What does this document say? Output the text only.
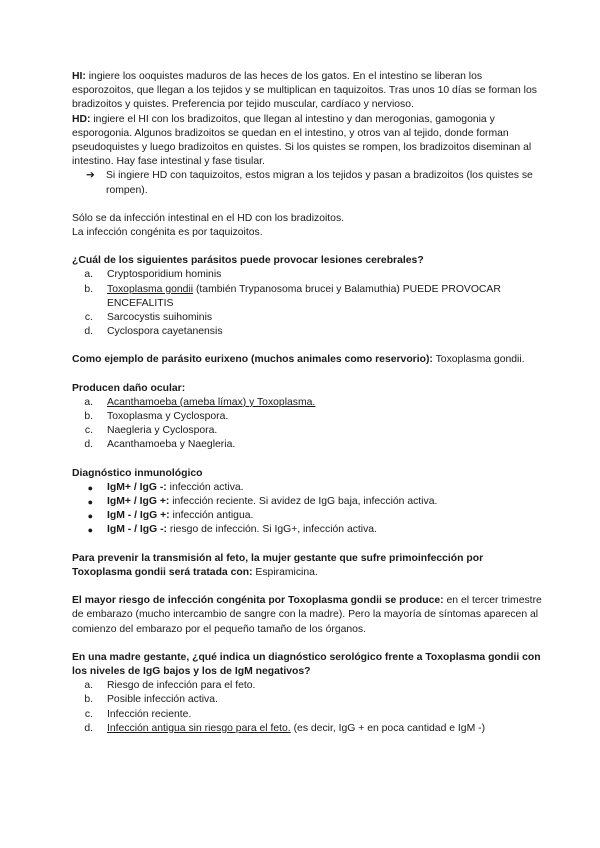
HI: ingiere los ooquistes maduros de las heces de los gatos. En el intestino se liberan los esporozoitos, que llegan a los tejidos y se multiplican en taquizoitos. Tras unos 10 días se forman los bradizoitos y quistes. Preferencia por tejido muscular, cardíaco y nervioso.

HD: ingiere el HI con los bradizoitos, que llegan al intestino y dan merogonias, gamogonia y esporogonia. Algunos bradizoitos se quedan en el intestino, y otros van al tejido, donde forman pseudoquistes y luego bradizoitos en quistes. Si los quistes se rompen, los bradizoitos diseminan al intestino. Hay fase intestinal y fase tisular.

➔	Si ingiere HD con taquizoitos, estos migran a los tejidos y pasan a bradizoitos (los quistes se rompen).

Sólo se da infección intestinal en el HD con los bradizoitos.

La infección congénita es por taquizoitos.

¿Cuál de los siguientes parásitos puede provocar lesiones cerebrales?

a.	Cryptosporidium hominis
b.	Toxoplasma gondii (también Trypanosoma brucei y Balamuthia) PUEDE PROVOCAR ENCEFALITIS
c.	Sarcocystis suihominis
d.	Cyclospora cayetanensis

Como ejemplo de parásito eurixeno (muchos animales como reservorio): Toxoplasma gondii.

Producen daño ocular:

a.	Acanthamoeba (ameba límax) y Toxoplasma.
b.	Toxoplasma y Cyclospora.
c.	Naegleria y Cyclospora.
d.	Acanthamoeba y Naegleria.

Diagnóstico inmunológico

●	IgM+ / IgG -: infección activa.
●	IgM+ / IgG +: infección reciente. Si avidez de IgG baja, infección activa.
●	IgM - / IgG +: infección antigua.
●	IgM - / IgG -: riesgo de infección. Si IgG+, infección activa.

Para prevenir la transmisión al feto, la mujer gestante que sufre primoinfección por Toxoplasma gondii será tratada con: Espiramicina.

El mayor riesgo de infección congénita por Toxoplasma gondii se produce: en el tercer trimestre de embarazo (mucho intercambio de sangre con la madre). Pero la mayoría de síntomas aparecen al comienzo del embarazo por el pequeño tamaño de los órganos.

En una madre gestante, ¿qué indica un diagnóstico serológico frente a Toxoplasma gondii con los niveles de IgG bajos y los de IgM negativos?

a.	Riesgo de infección para el feto.
b.	Posible infección activa.
c.	Infección reciente.
d.	Infección antigua sin riesgo para el feto. (es decir, IgG + en poca cantidad e IgM -)
